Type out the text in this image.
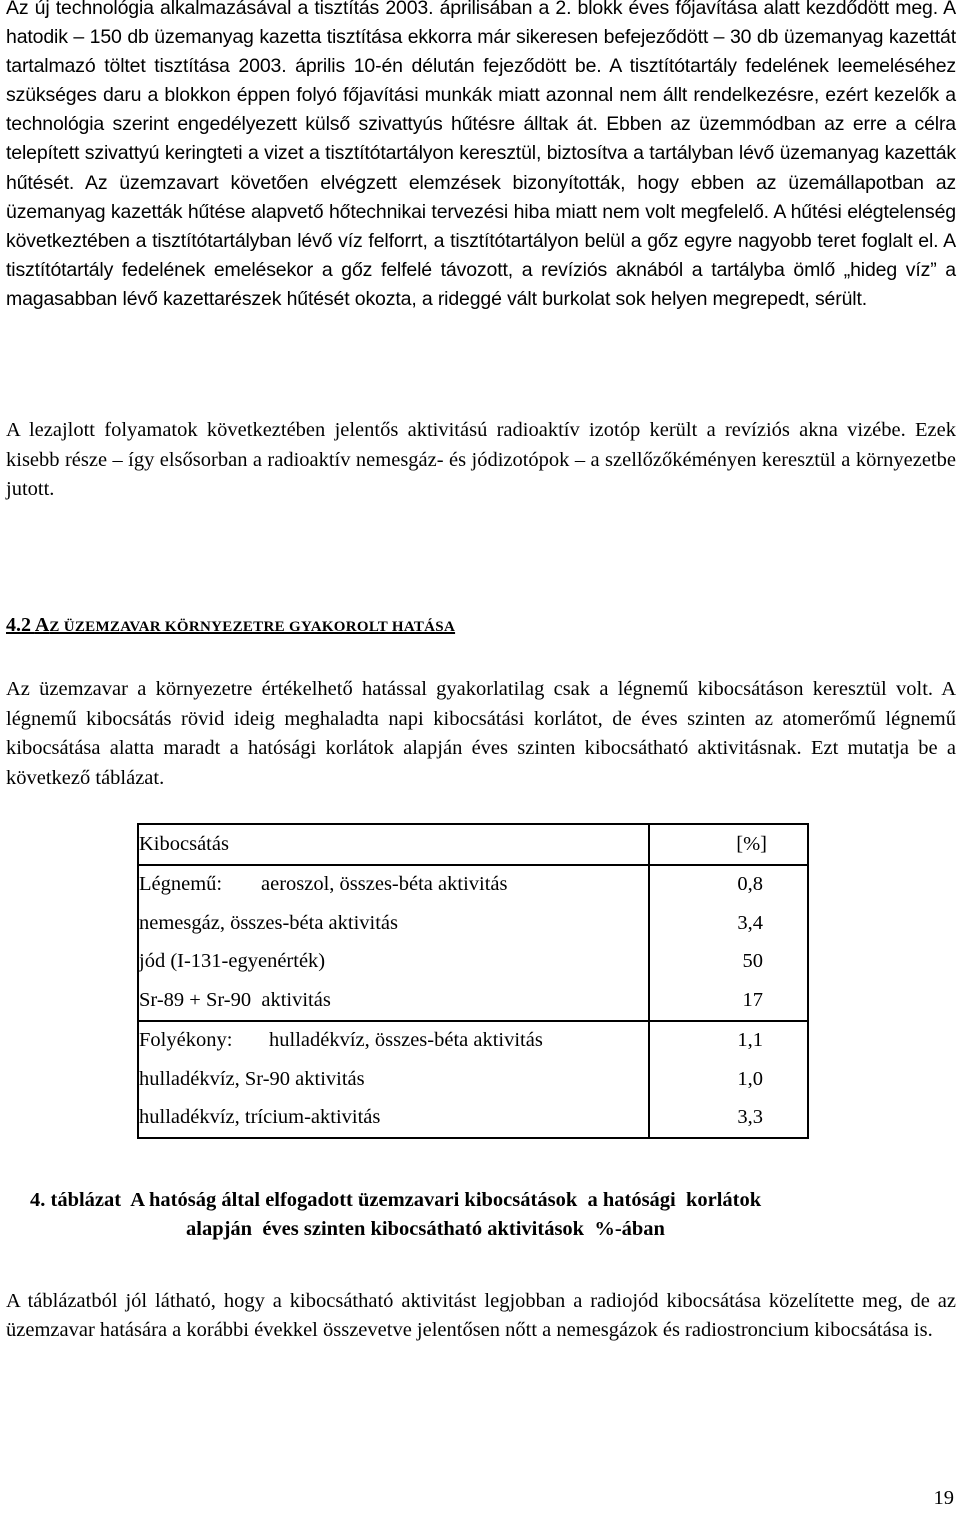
Az új technológia alkalmazásával a tisztítás 2003. áprilisában a 2. blokk éves főjavítása alatt kezdődött meg. A hatodik – 150 db üzemanyag kazetta tisztítása ekkorra már sikeresen befejeződött – 30 db üzemanyag kazettát tartalmazó töltet tisztítása 2003. április 10-én délután fejeződött be. A tisztítótartály fedelének leemeléséhez szükséges daru a blokkon éppen folyó főjavítási munkák miatt azonnal nem állt rendelkezésre, ezért kezelők a technológia szerint engedélyezett külső szivattyús hűtésre álltak át. Ebben az üzemmódban az erre a célra telepített szivattyú keringteti a vizet a tisztítótartályon keresztül, biztosítva a tartályban lévő üzemanyag kazetták hűtését. Az üzemzavart követően elvégzett elemzések bizonyították, hogy ebben az üzemállapotban az üzemanyag kazetták hűtése alapvető hőtechnikai tervezési hiba miatt nem volt megfelelő. A hűtési elégtelenség következtében a tisztítótartályban lévő víz felforrt, a tisztítótartályon belül a gőz egyre nagyobb teret foglalt el. A tisztítótartály fedelének emelésekor a gőz felfelé távozott, a revíziós aknából a tartályba ömlő „hideg víz” a magasabban lévő kazettarészek hűtését okozta, a rideggé vált burkolat sok helyen megrepedt, sérült.

A lezajlott folyamatok következtében jelentős aktivitású radioaktív izotóp került a revíziós akna vizébe. Ezek kisebb része – így elsősorban a radioaktív nemesgáz- és jódizotópok – a szellőzőkéményen keresztül a környezetbe jutott.

4.2 AZ ÜZEMZAVAR KÖRNYEZETRE GYAKOROLT HATÁSA

Az üzemzavar a környezetre értékelhető hatással gyakorlatilag csak a légnemű kibocsátáson keresztül volt. A légnemű kibocsátás rövid ideig meghaladta napi kibocsátási korlátot, de éves szinten az atomerőmű légnemű kibocsátása alatta maradt a hatósági korlátok alapján éves szinten kibocsátható aktivitásnak. Ezt mutatja be a következő táblázat.

Kibocsátás	[%]
Légnemű: aeroszol, összes-béta aktivitás	0,8
nemesgáz, összes-béta aktivitás	3,4
jód (I-131-egyenérték)	50
Sr-89 + Sr-90  aktivitás	17
Folyékony: hulladékvíz, összes-béta aktivitás	1,1
hulladékvíz, Sr-90 aktivitás	1,0
hulladékvíz, trícium-aktivitás	3,3

4. táblázat  A hatóság által elfogadott üzemzavari kibocsátások  a hatósági  korlátok
alapján  éves szinten kibocsátható aktivitások  %-ában

A táblázatból jól látható, hogy a kibocsátható aktivitást legjobban a radiojód kibocsátása közelítette meg, de az üzemzavar hatására a korábbi évekkel összevetve jelentősen nőtt a nemesgázok és radiostroncium kibocsátása is.

19
